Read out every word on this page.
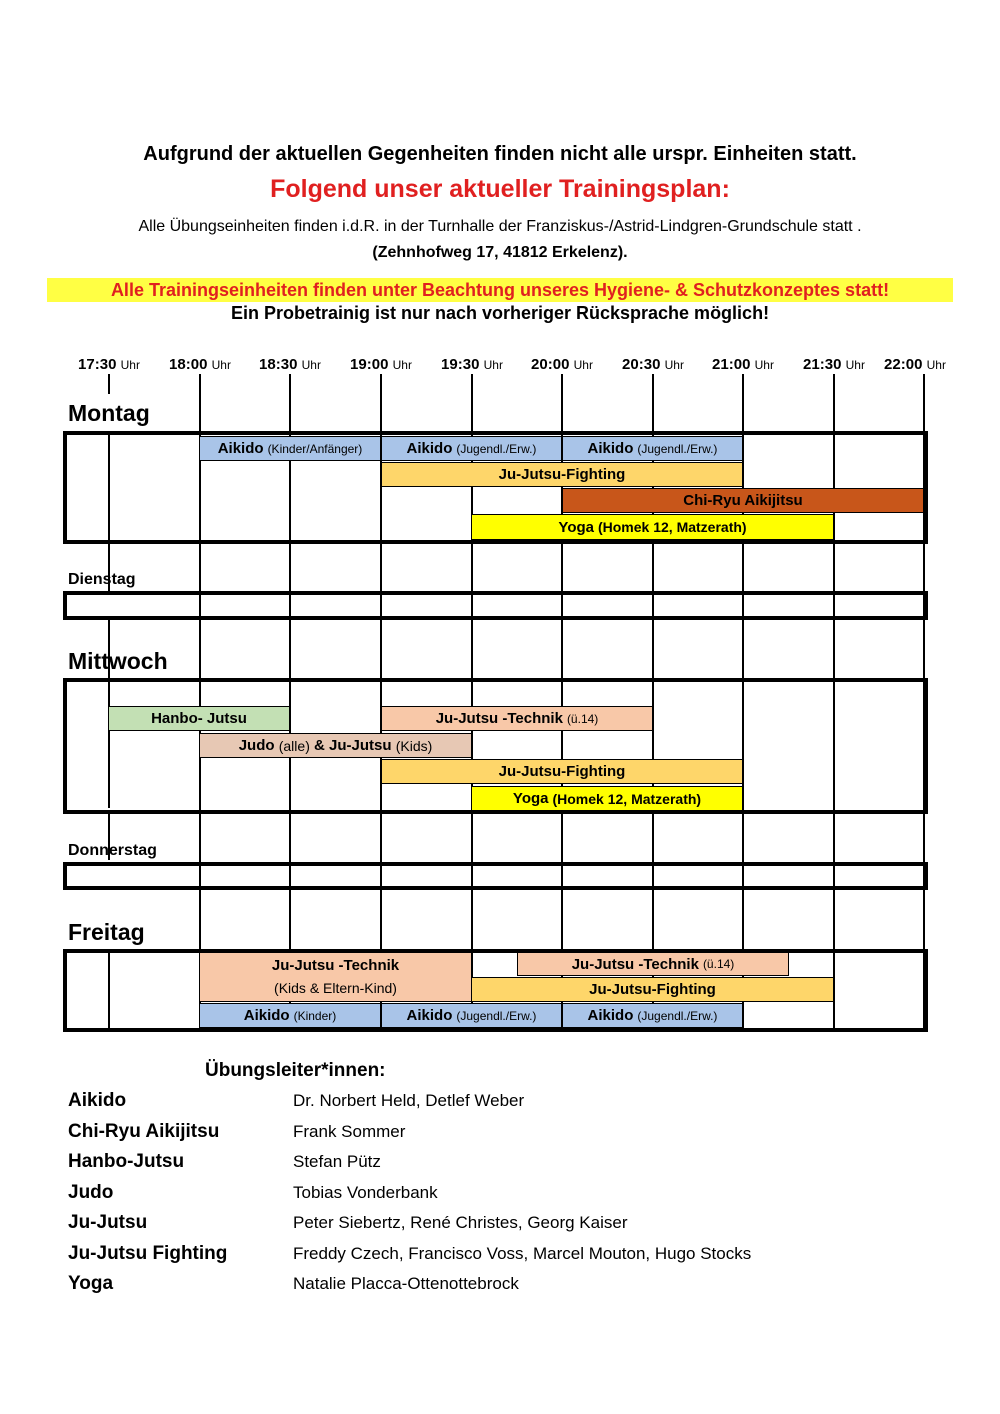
Aufgrund der aktuellen Gegenheiten finden nicht alle urspr. Einheiten statt.
Folgend unser aktueller Trainingsplan:
Alle Übungseinheiten finden i.d.R. in der Turnhalle der Franziskus-/Astrid-Lindgren-Grundschule statt .
(Zehnhofweg 17, 41812 Erkelenz).
Alle Trainingseinheiten finden unter Beachtung unseres Hygiene- & Schutzkonzeptes statt!
Ein Probetrainig ist nur nach vorheriger Rücksprache möglich!
17:30 Uhr 18:00 Uhr 18:30 Uhr 19:00 Uhr 19:30 Uhr 20:00 Uhr 20:30 Uhr 21:00 Uhr 21:30 Uhr 22:00 Uhr
Montag
Aikido (Kinder/Anfänger)	Aikido (Jugendl./Erw.)	Aikido (Jugendl./Erw.)
Ju-Jutsu-Fighting
Chi-Ryu Aikijitsu
Yoga (Homek 12, Matzerath)
Dienstag
Mittwoch
Hanbo- Jutsu	Ju-Jutsu -Technik (ü.14)
Judo
(alle)
& Ju-Jutsu
(Kids)
Ju-Jutsu-Fighting
Yoga (Homek 12, Matzerath)
Donnerstag
Freitag
Ju-Jutsu -Technik
(Kids & Eltern-Kind)
Ju-Jutsu -Technik (ü.14)
Ju-Jutsu-Fighting
Aikido (Kinder)	Aikido (Jugendl./Erw.)	Aikido (Jugendl./Erw.)
Übungsleiter*innen:
Aikido	Dr. Norbert Held, Detlef Weber
Chi-Ryu Aikijitsu	Frank Sommer
Hanbo-Jutsu	Stefan Pütz
Judo	Tobias Vonderbank
Ju-Jutsu	Peter Siebertz, René Christes, Georg Kaiser
Ju-Jutsu Fighting	Freddy Czech, Francisco Voss, Marcel Mouton, Hugo Stocks
Yoga	Natalie Placca-Ottenottebrock
